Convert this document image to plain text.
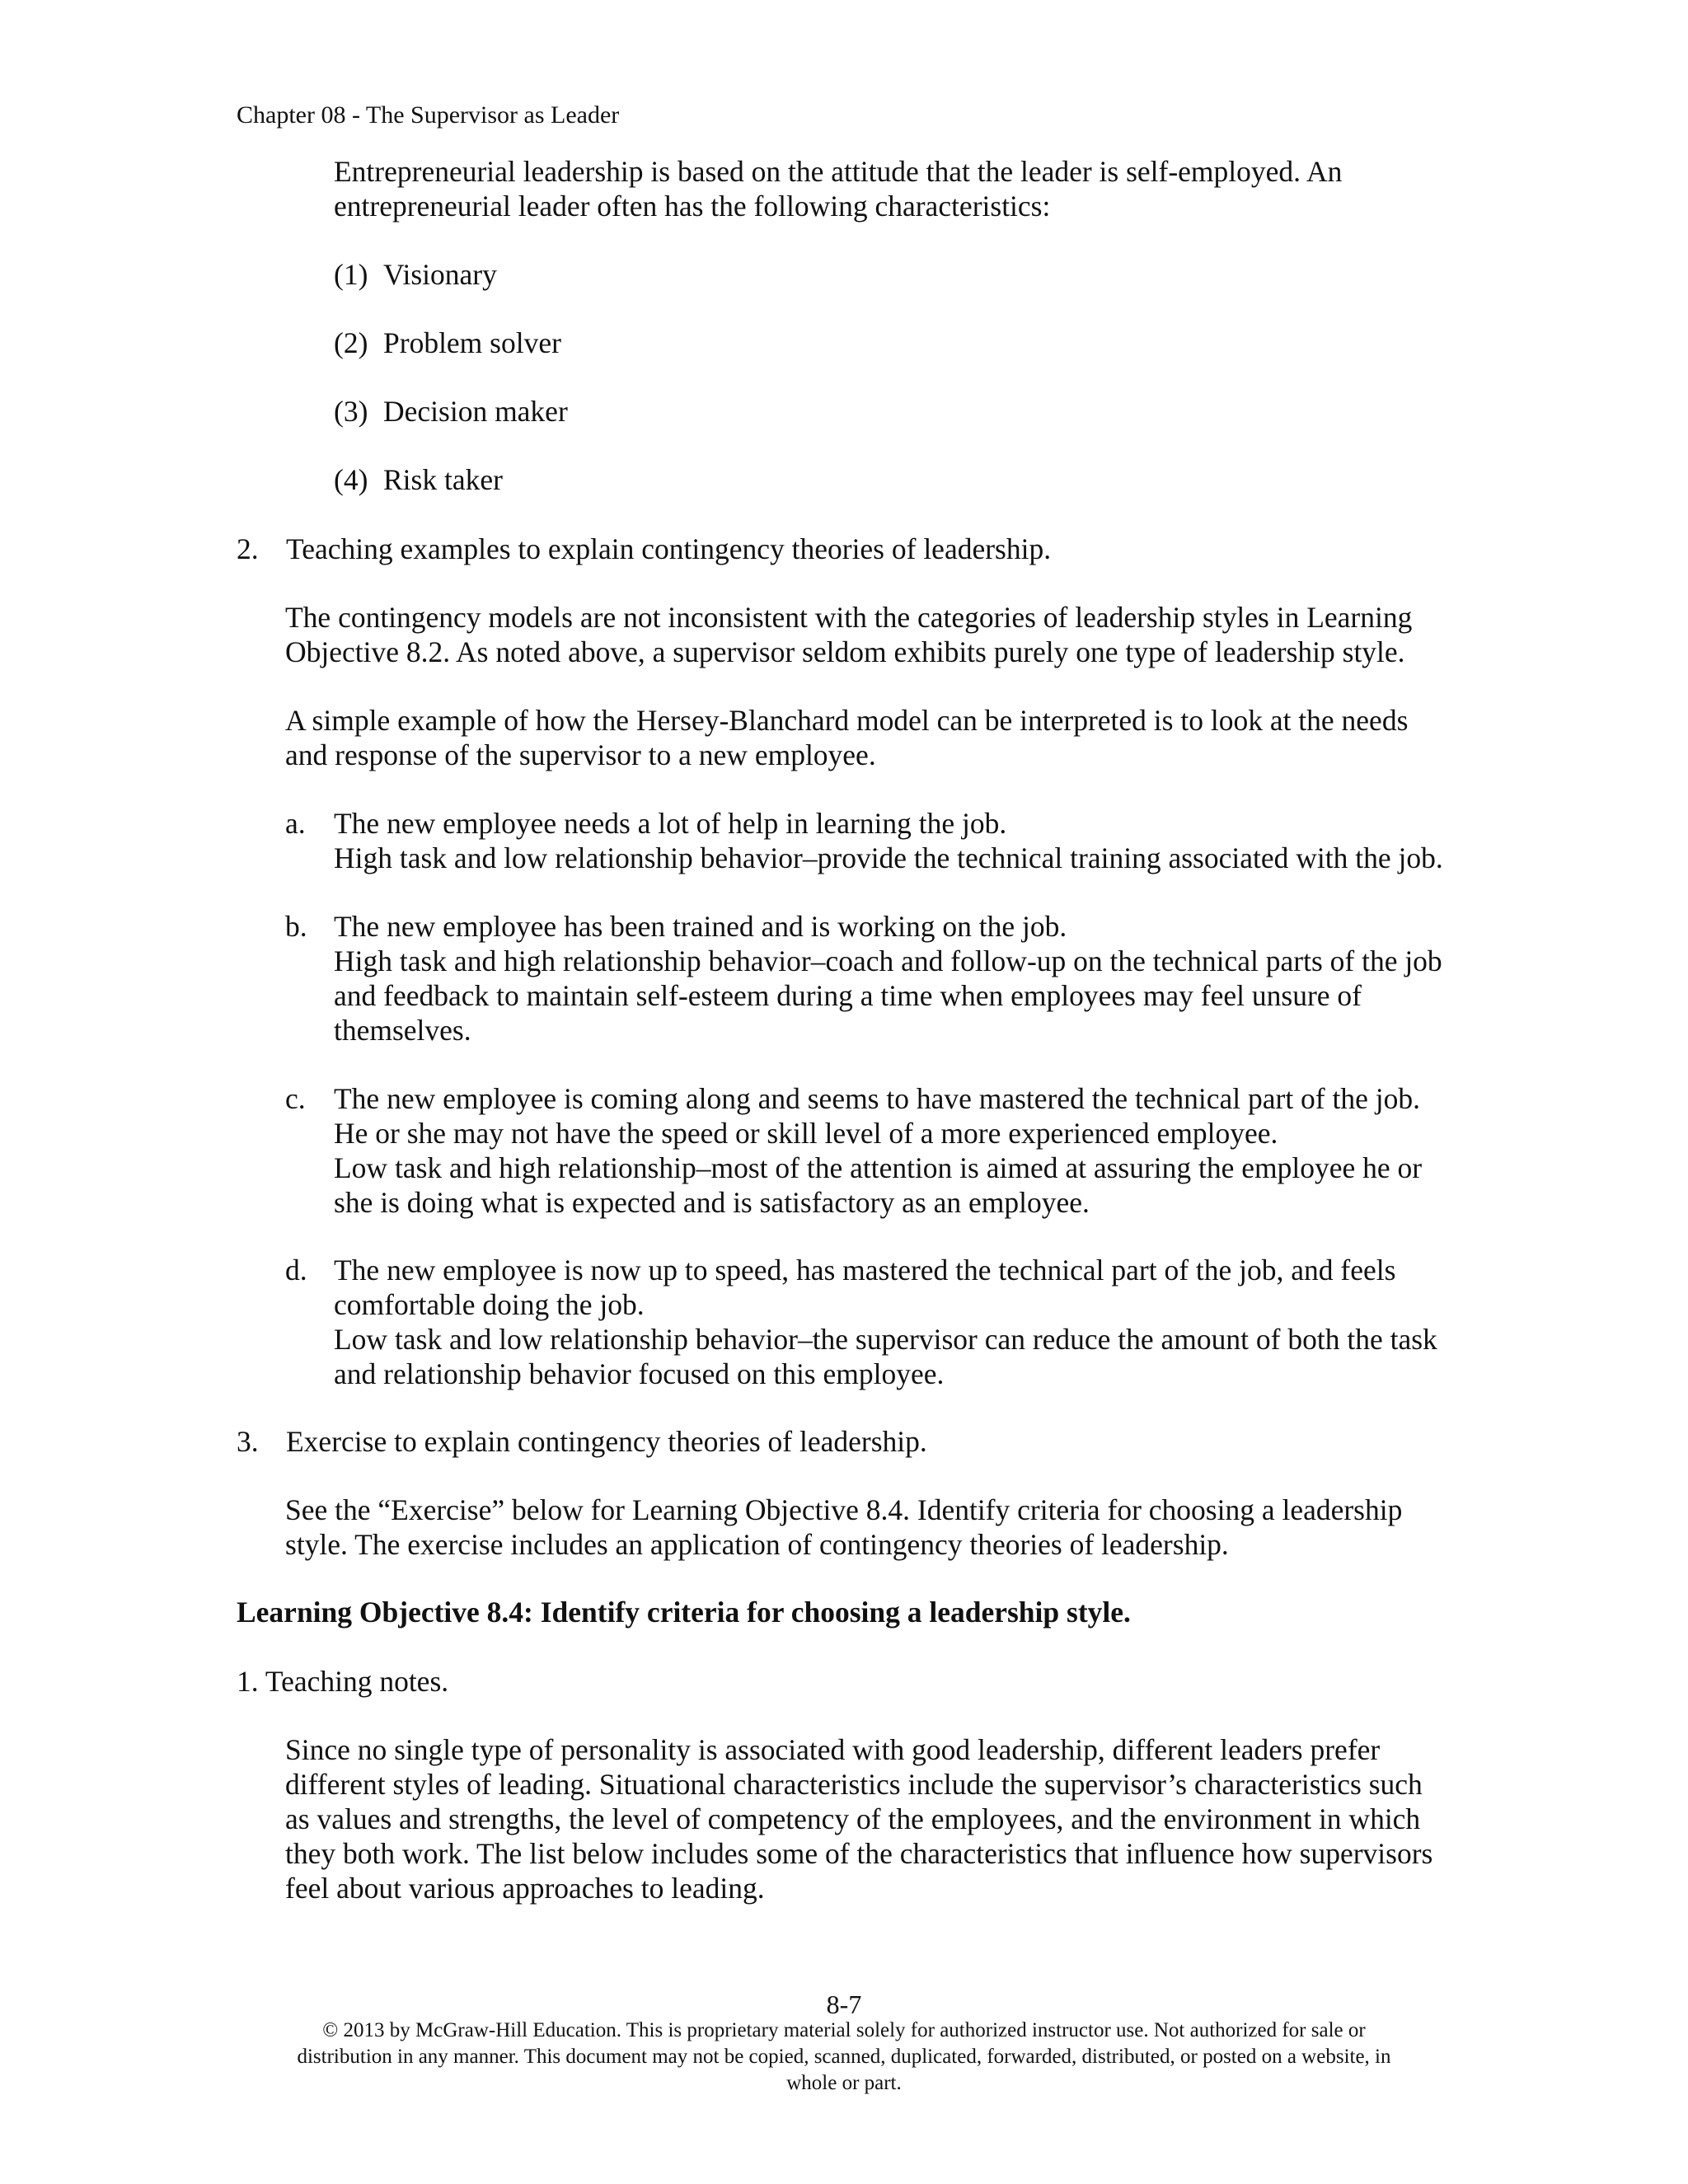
Chapter 08 - The Supervisor as Leader
Entrepreneurial leadership is based on the attitude that the leader is self-employed. An
entrepreneurial leader often has the following characteristics:
(1) Visionary
(2) Problem solver
(3) Decision maker
(4) Risk taker
2. Teaching examples to explain contingency theories of leadership.
The contingency models are not inconsistent with the categories of leadership styles in Learning
Objective 8.2. As noted above, a supervisor seldom exhibits purely one type of leadership style.
A simple example of how the Hersey-Blanchard model can be interpreted is to look at the needs
and response of the supervisor to a new employee.
a. The new employee needs a lot of help in learning the job.
High task and low relationship behavior–provide the technical training associated with the job.
b. The new employee has been trained and is working on the job.
High task and high relationship behavior–coach and follow-up on the technical parts of the job
and feedback to maintain self-esteem during a time when employees may feel unsure of
themselves.
c. The new employee is coming along and seems to have mastered the technical part of the job.
He or she may not have the speed or skill level of a more experienced employee.
Low task and high relationship–most of the attention is aimed at assuring the employee he or
she is doing what is expected and is satisfactory as an employee.
d. The new employee is now up to speed, has mastered the technical part of the job, and feels
comfortable doing the job.
Low task and low relationship behavior–the supervisor can reduce the amount of both the task
and relationship behavior focused on this employee.
3. Exercise to explain contingency theories of leadership.
See the “Exercise” below for Learning Objective 8.4. Identify criteria for choosing a leadership
style. The exercise includes an application of contingency theories of leadership.
Learning Objective 8.4: Identify criteria for choosing a leadership style.
1. Teaching notes.
Since no single type of personality is associated with good leadership, different leaders prefer
different styles of leading. Situational characteristics include the supervisor’s characteristics such
as values and strengths, the level of competency of the employees, and the environment in which
they both work. The list below includes some of the characteristics that influence how supervisors
feel about various approaches to leading.
8-7
© 2013 by McGraw-Hill Education. This is proprietary material solely for authorized instructor use. Not authorized for sale or
distribution in any manner. This document may not be copied, scanned, duplicated, forwarded, distributed, or posted on a website, in
whole or part.
